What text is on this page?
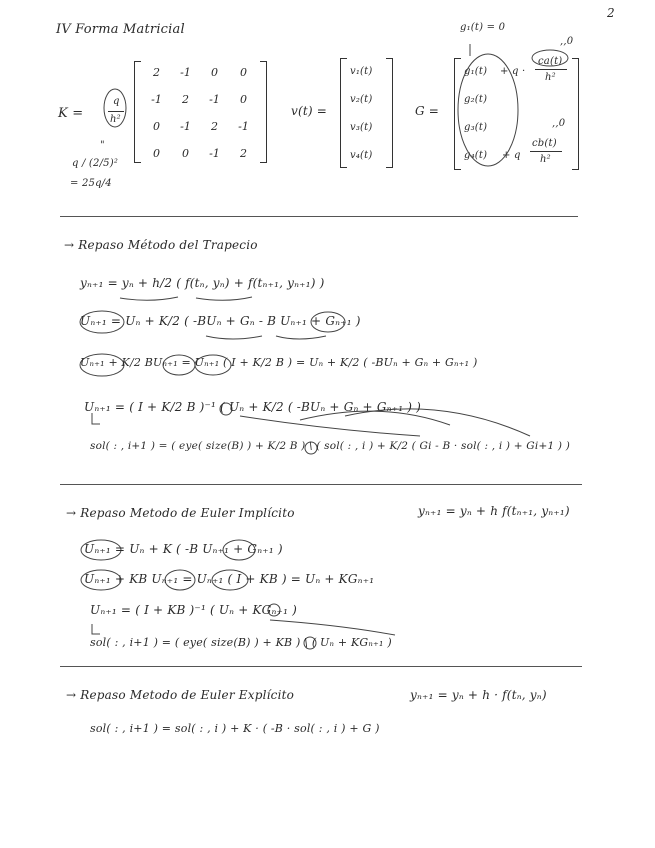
2
IV Forma Matricial
K =
q
h²
2	-1	0	0
-1	2	-1	0
0	-1	2	-1
0	0	-1	2
"
q / (2/5)²
= 25q/4
v(t) =
v₁(t)
v₂(t)
v₃(t)
v₄(t)
g₁(t) = 0
G =
g₁(t) + q ·
ca(t)
h²
,,0
g₂(t)
g₃(t)	,,0
g₄(t) + q
cb(t)
h²
→ Repaso Método del Trapecio
yₙ₊₁ = yₙ + h/2 ( f(tₙ, yₙ) + f(tₙ₊₁, yₙ₊₁) )
Uₙ₊₁ = Uₙ + K/2 ( -BUₙ + Gₙ - B Uₙ₊₁ + Gₙ₊₁ )
Uₙ₊₁ + K/2 BUₙ₊₁ = Uₙ₊₁ ( I + K/2 B ) = Uₙ + K/2 ( -BUₙ + Gₙ + Gₙ₊₁ )
Uₙ₊₁ = ( I + K/2 B )⁻¹ ( Uₙ + K/2 ( -BUₙ + Gₙ + Gₙ₊₁ ) )
sol( : , i+1 ) = ( eye( size(B) ) + K/2 B ) \ ( sol( : , i ) + K/2 ( Gi - B · sol( : , i ) + Gi+1 ) )
→ Repaso Metodo de Euler Implícito	yₙ₊₁ = yₙ + h f(tₙ₊₁, yₙ₊₁)
Uₙ₊₁ = Uₙ + K ( -B Uₙ₊₁ + Gₙ₊₁ )
Uₙ₊₁ + KB Uₙ₊₁ = Uₙ₊₁ ( I + KB ) = Uₙ + KGₙ₊₁
Uₙ₊₁ = ( I + KB )⁻¹ ( Uₙ + KGₙ₊₁ )
sol( : , i+1 ) = ( eye( size(B) ) + KB ) \ ( Uₙ + KGₙ₊₁ )
→ Repaso Metodo de Euler Explícito	yₙ₊₁ = yₙ + h · f(tₙ, yₙ)
sol( : , i+1 ) = sol( : , i ) + K · ( -B · sol( : , i ) + G )
